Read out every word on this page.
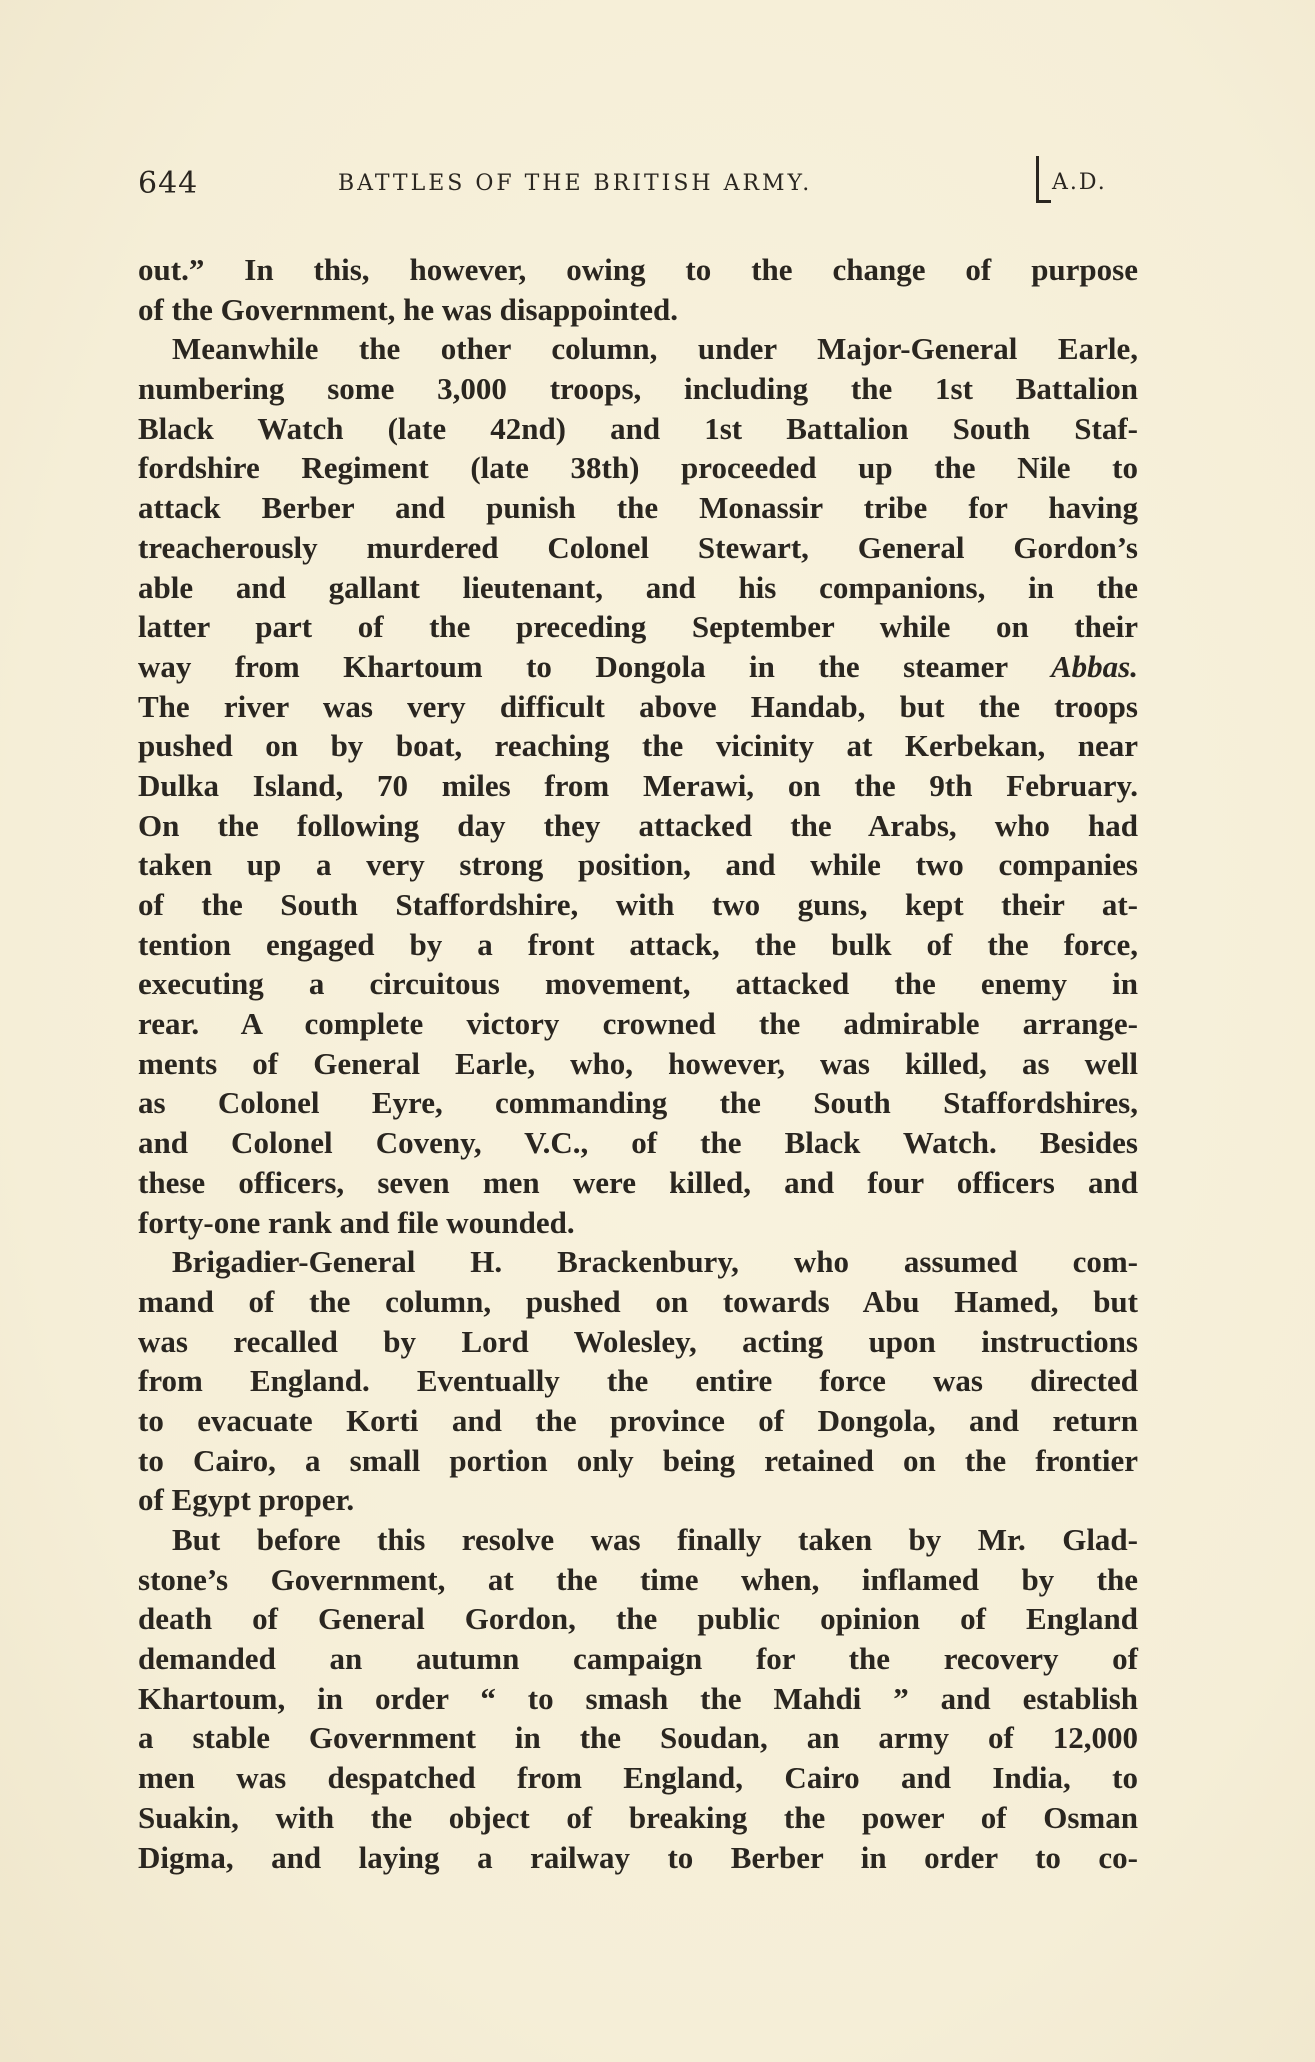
644	BATTLES OF THE BRITISH ARMY.	A.D.
out.” In this, however, owing to the change of purpose
of the Government, he was disappointed.
Meanwhile the other column, under Major-General Earle,
numbering some 3,000 troops, including the 1st Battalion
Black Watch (late 42nd) and 1st Battalion South Staf-
fordshire Regiment (late 38th) proceeded up the Nile to
attack Berber and punish the Monassir tribe for having
treacherously murdered Colonel Stewart, General Gordon’s
able and gallant lieutenant, and his companions, in the
latter part of the preceding September while on their
way from Khartoum to Dongola in the steamer Abbas.
The river was very difficult above Handab, but the troops
pushed on by boat, reaching the vicinity at Kerbekan, near
Dulka Island, 70 miles from Merawi, on the 9th February.
On the following day they attacked the Arabs, who had
taken up a very strong position, and while two companies
of the South Staffordshire, with two guns, kept their at-
tention engaged by a front attack, the bulk of the force,
executing a circuitous movement, attacked the enemy in
rear. A complete victory crowned the admirable arrange-
ments of General Earle, who, however, was killed, as well
as Colonel Eyre, commanding the South Staffordshires,
and Colonel Coveny, V.C., of the Black Watch. Besides
these officers, seven men were killed, and four officers and
forty-one rank and file wounded.
Brigadier-General H. Brackenbury, who assumed com-
mand of the column, pushed on towards Abu Hamed, but
was recalled by Lord Wolesley, acting upon instructions
from England. Eventually the entire force was directed
to evacuate Korti and the province of Dongola, and return
to Cairo, a small portion only being retained on the frontier
of Egypt proper.
But before this resolve was finally taken by Mr. Glad-
stone’s Government, at the time when, inflamed by the
death of General Gordon, the public opinion of England
demanded an autumn campaign for the recovery of
Khartoum, in order “ to smash the Mahdi ” and establish
a stable Government in the Soudan, an army of 12,000
men was despatched from England, Cairo and India, to
Suakin, with the object of breaking the power of Osman
Digma, and laying a railway to Berber in order to co-
